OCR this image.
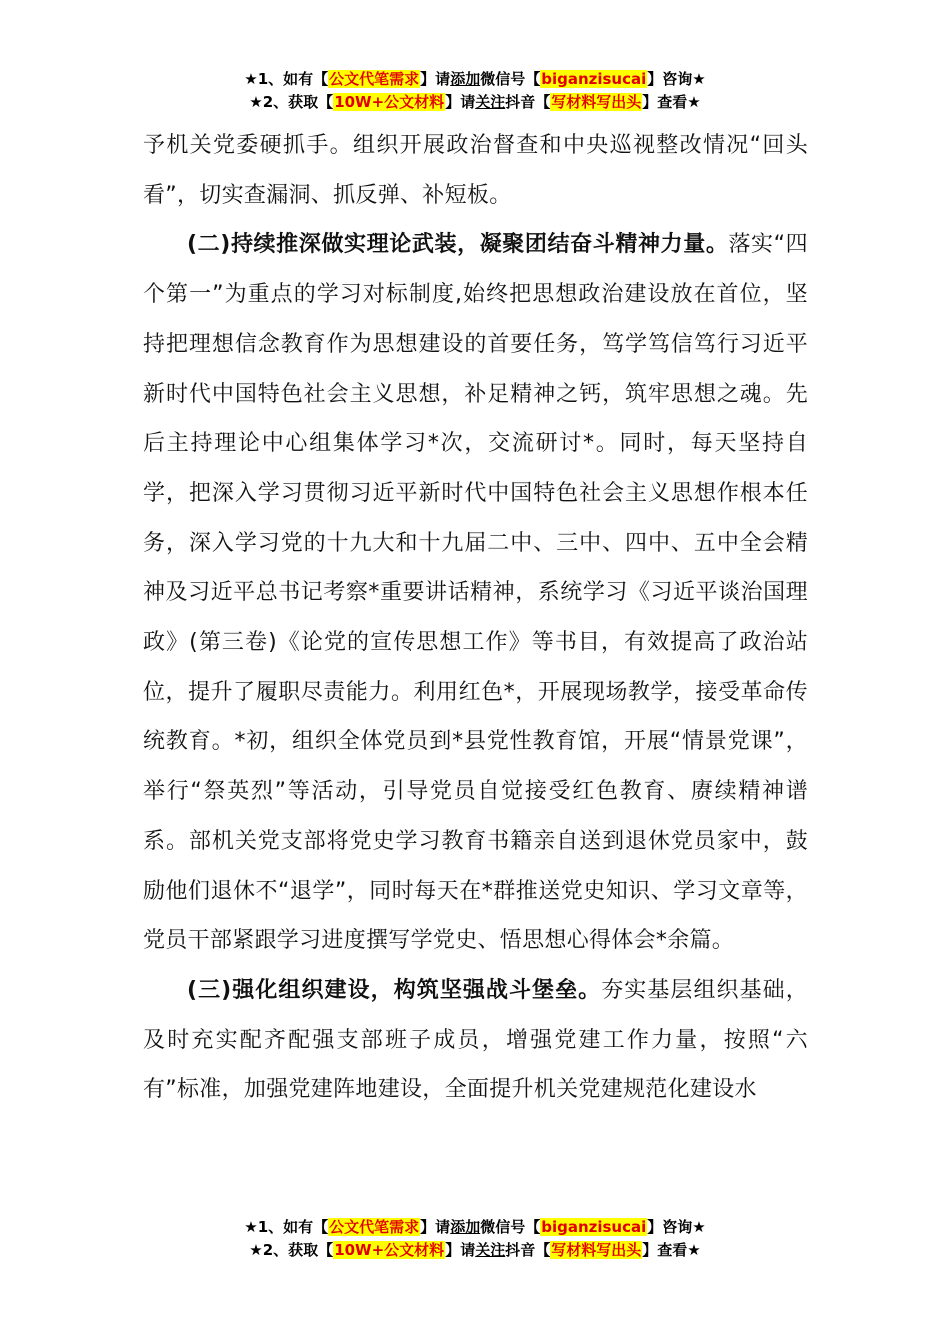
★1、如有【公文代笔需求】请添加微信号【biganzisucai】咨询★
★2、获取【10W+公文材料】请关注抖音【写材料写出头】查看★

予机关党委硬抓手。组织开展政治督查和中央巡视整改情况“回头看”，切实查漏洞、抓反弹、补短板。

(二)持续推深做实理论武装，凝聚团结奋斗精神力量。落实“四个第一”为重点的学习对标制度,始终把思想政治建设放在首位，坚持把理想信念教育作为思想建设的首要任务，笃学笃信笃行习近平新时代中国特色社会主义思想，补足精神之钙，筑牢思想之魂。先后主持理论中心组集体学习*次，交流研讨*。同时，每天坚持自学，把深入学习贯彻习近平新时代中国特色社会主义思想作根本任务，深入学习党的十九大和十九届二中、三中、四中、五中全会精神及习近平总书记考察*重要讲话精神，系统学习《习近平谈治国理政》(第三卷)《论党的宣传思想工作》等书目，有效提高了政治站位，提升了履职尽责能力。利用红色*，开展现场教学，接受革命传统教育。*初，组织全体党员到*县党性教育馆，开展“情景党课”，举行“祭英烈”等活动，引导党员自觉接受红色教育、赓续精神谱系。部机关党支部将党史学习教育书籍亲自送到退休党员家中，鼓励他们退休不“退学”，同时每天在*群推送党史知识、学习文章等，党员干部紧跟学习进度撰写学党史、悟思想心得体会*余篇。

(三)强化组织建设，构筑坚强战斗堡垒。夯实基层组织基础，及时充实配齐配强支部班子成员，增强党建工作力量，按照“六有”标准，加强党建阵地建设，全面提升机关党建规范化建设水

★1、如有【公文代笔需求】请添加微信号【biganzisucai】咨询★
★2、获取【10W+公文材料】请关注抖音【写材料写出头】查看★
